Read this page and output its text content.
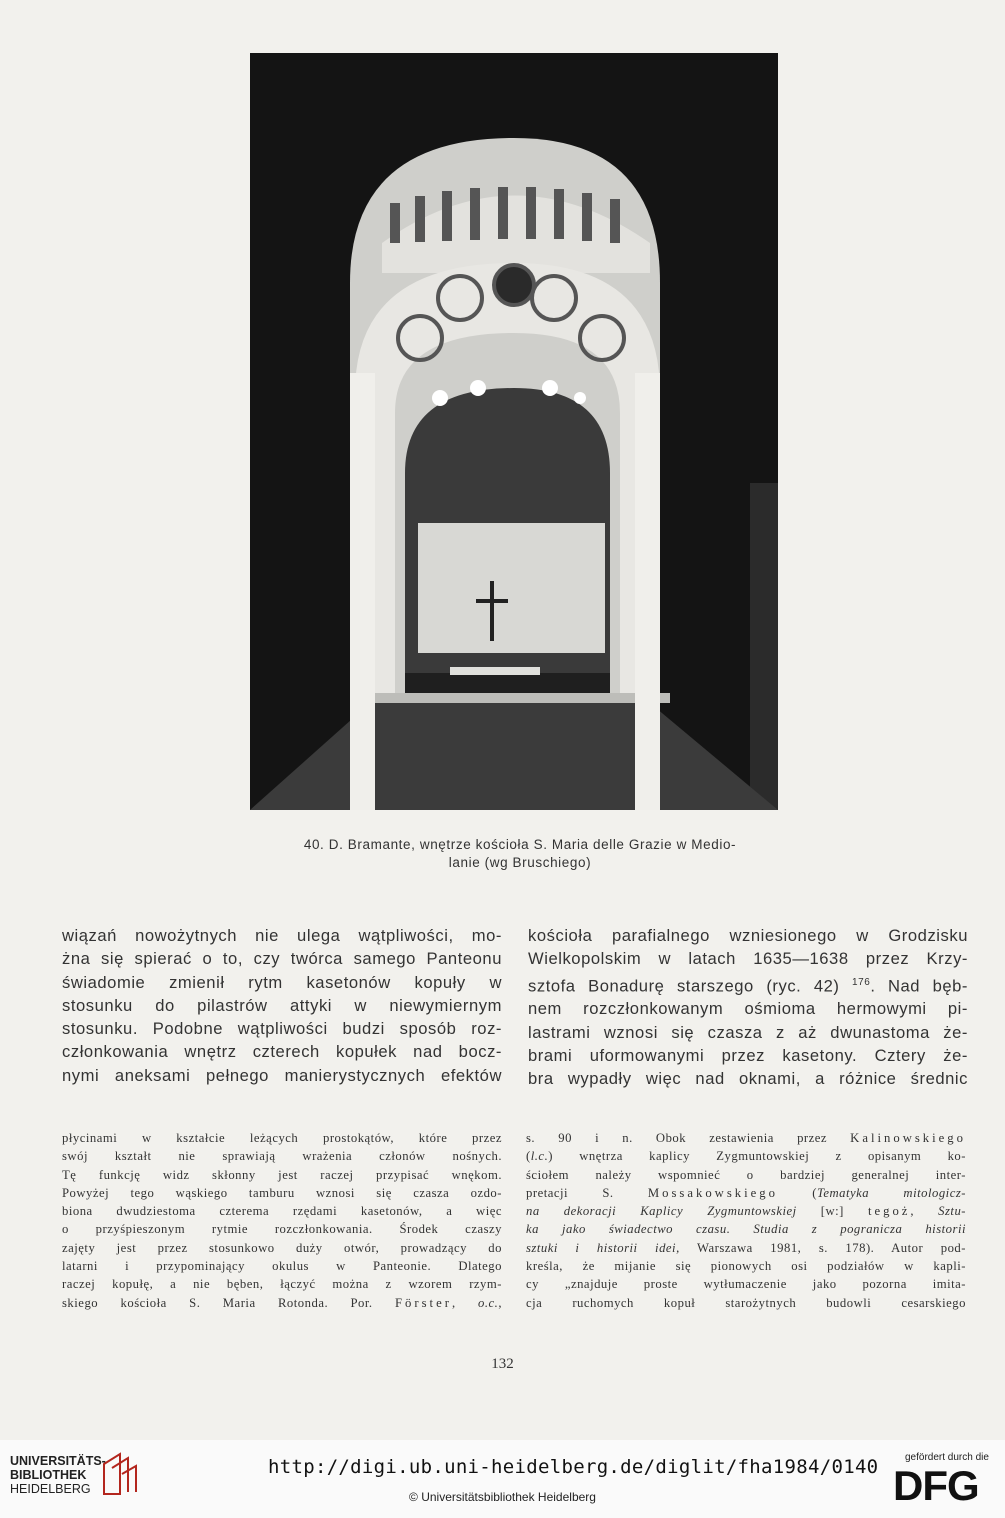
40. D. Bramante, wnętrze kościoła S. Maria delle Grazie w Medio-
lanie (wg Bruschiego)
wiązań nowożytnych nie ulega wątpliwości, mo-
żna się spierać o to, czy twórca samego Panteonu
świadomie zmienił rytm kasetonów kopuły w
stosunku do pilastrów attyki w niewymiernym
stosunku. Podobne wątpliwości budzi sposób roz-
członkowania wnętrz czterech kopułek nad bocz-
nymi aneksami pełnego manierystycznych efektów
kościoła parafialnego wzniesionego w Grodzisku
Wielkopolskim w latach 1635—1638 przez Krzy-
sztofa Bonadurę starszego (ryc. 42) $^{176}$. Nad bęb-
nem rozczłonkowanym ośmioma hermowymi pi-
lastrami wznosi się czasza z aż dwunastoma że-
brami uformowanymi przez kasetony. Cztery że-
bra wypadły więc nad oknami, a różnice średnic
płycinami w kształcie leżących prostokątów, które przez
swój kształt nie sprawiają wrażenia członów nośnych.
Tę funkcję widz skłonny jest raczej przypisać wnękom.
Powyżej tego wąskiego tamburu wznosi się czasza ozdo-
biona dwudziestoma czterema rzędami kasetonów, a więc
o przyśpieszonym rytmie rozczłonkowania. Środek czaszy
zajęty jest przez stosunkowo duży otwór, prowadzący do
latarni i przypominający okulus w Panteonie. Dlatego
raczej kopułę, a nie bęben, łączyć można z wzorem rzym-
skiego kościoła S. Maria Rotonda. Por. Förster, o.c.,
s. 90 i n. Obok zestawienia przez Kalinowskiego
(l.c.) wnętrza kaplicy Zygmuntowskiej z opisanym ko-
ściołem należy wspomnieć o bardziej generalnej inter-
pretacji S. Mossakowskiego (Tematyka mitologicz-
na dekoracji Kaplicy Zygmuntowskiej [w:] tegoż, Sztu-
ka jako świadectwo czasu. Studia z pogranicza historii
sztuki i historii idei, Warszawa 1981, s. 178). Autor pod-
kreśla, że mijanie się pionowych osi podziałów w kapli-
cy „znajduje proste wytłumaczenie jako pozorna imita-
cja ruchomych kopuł starożytnych budowli cesarskiego
132
UNIVERSITÄTS-
BIBLIOTHEK
HEIDELBERG
http://digi.ub.uni-heidelberg.de/diglit/fha1984/0140
© Universitätsbibliothek Heidelberg
gefördert durch die
DFG
